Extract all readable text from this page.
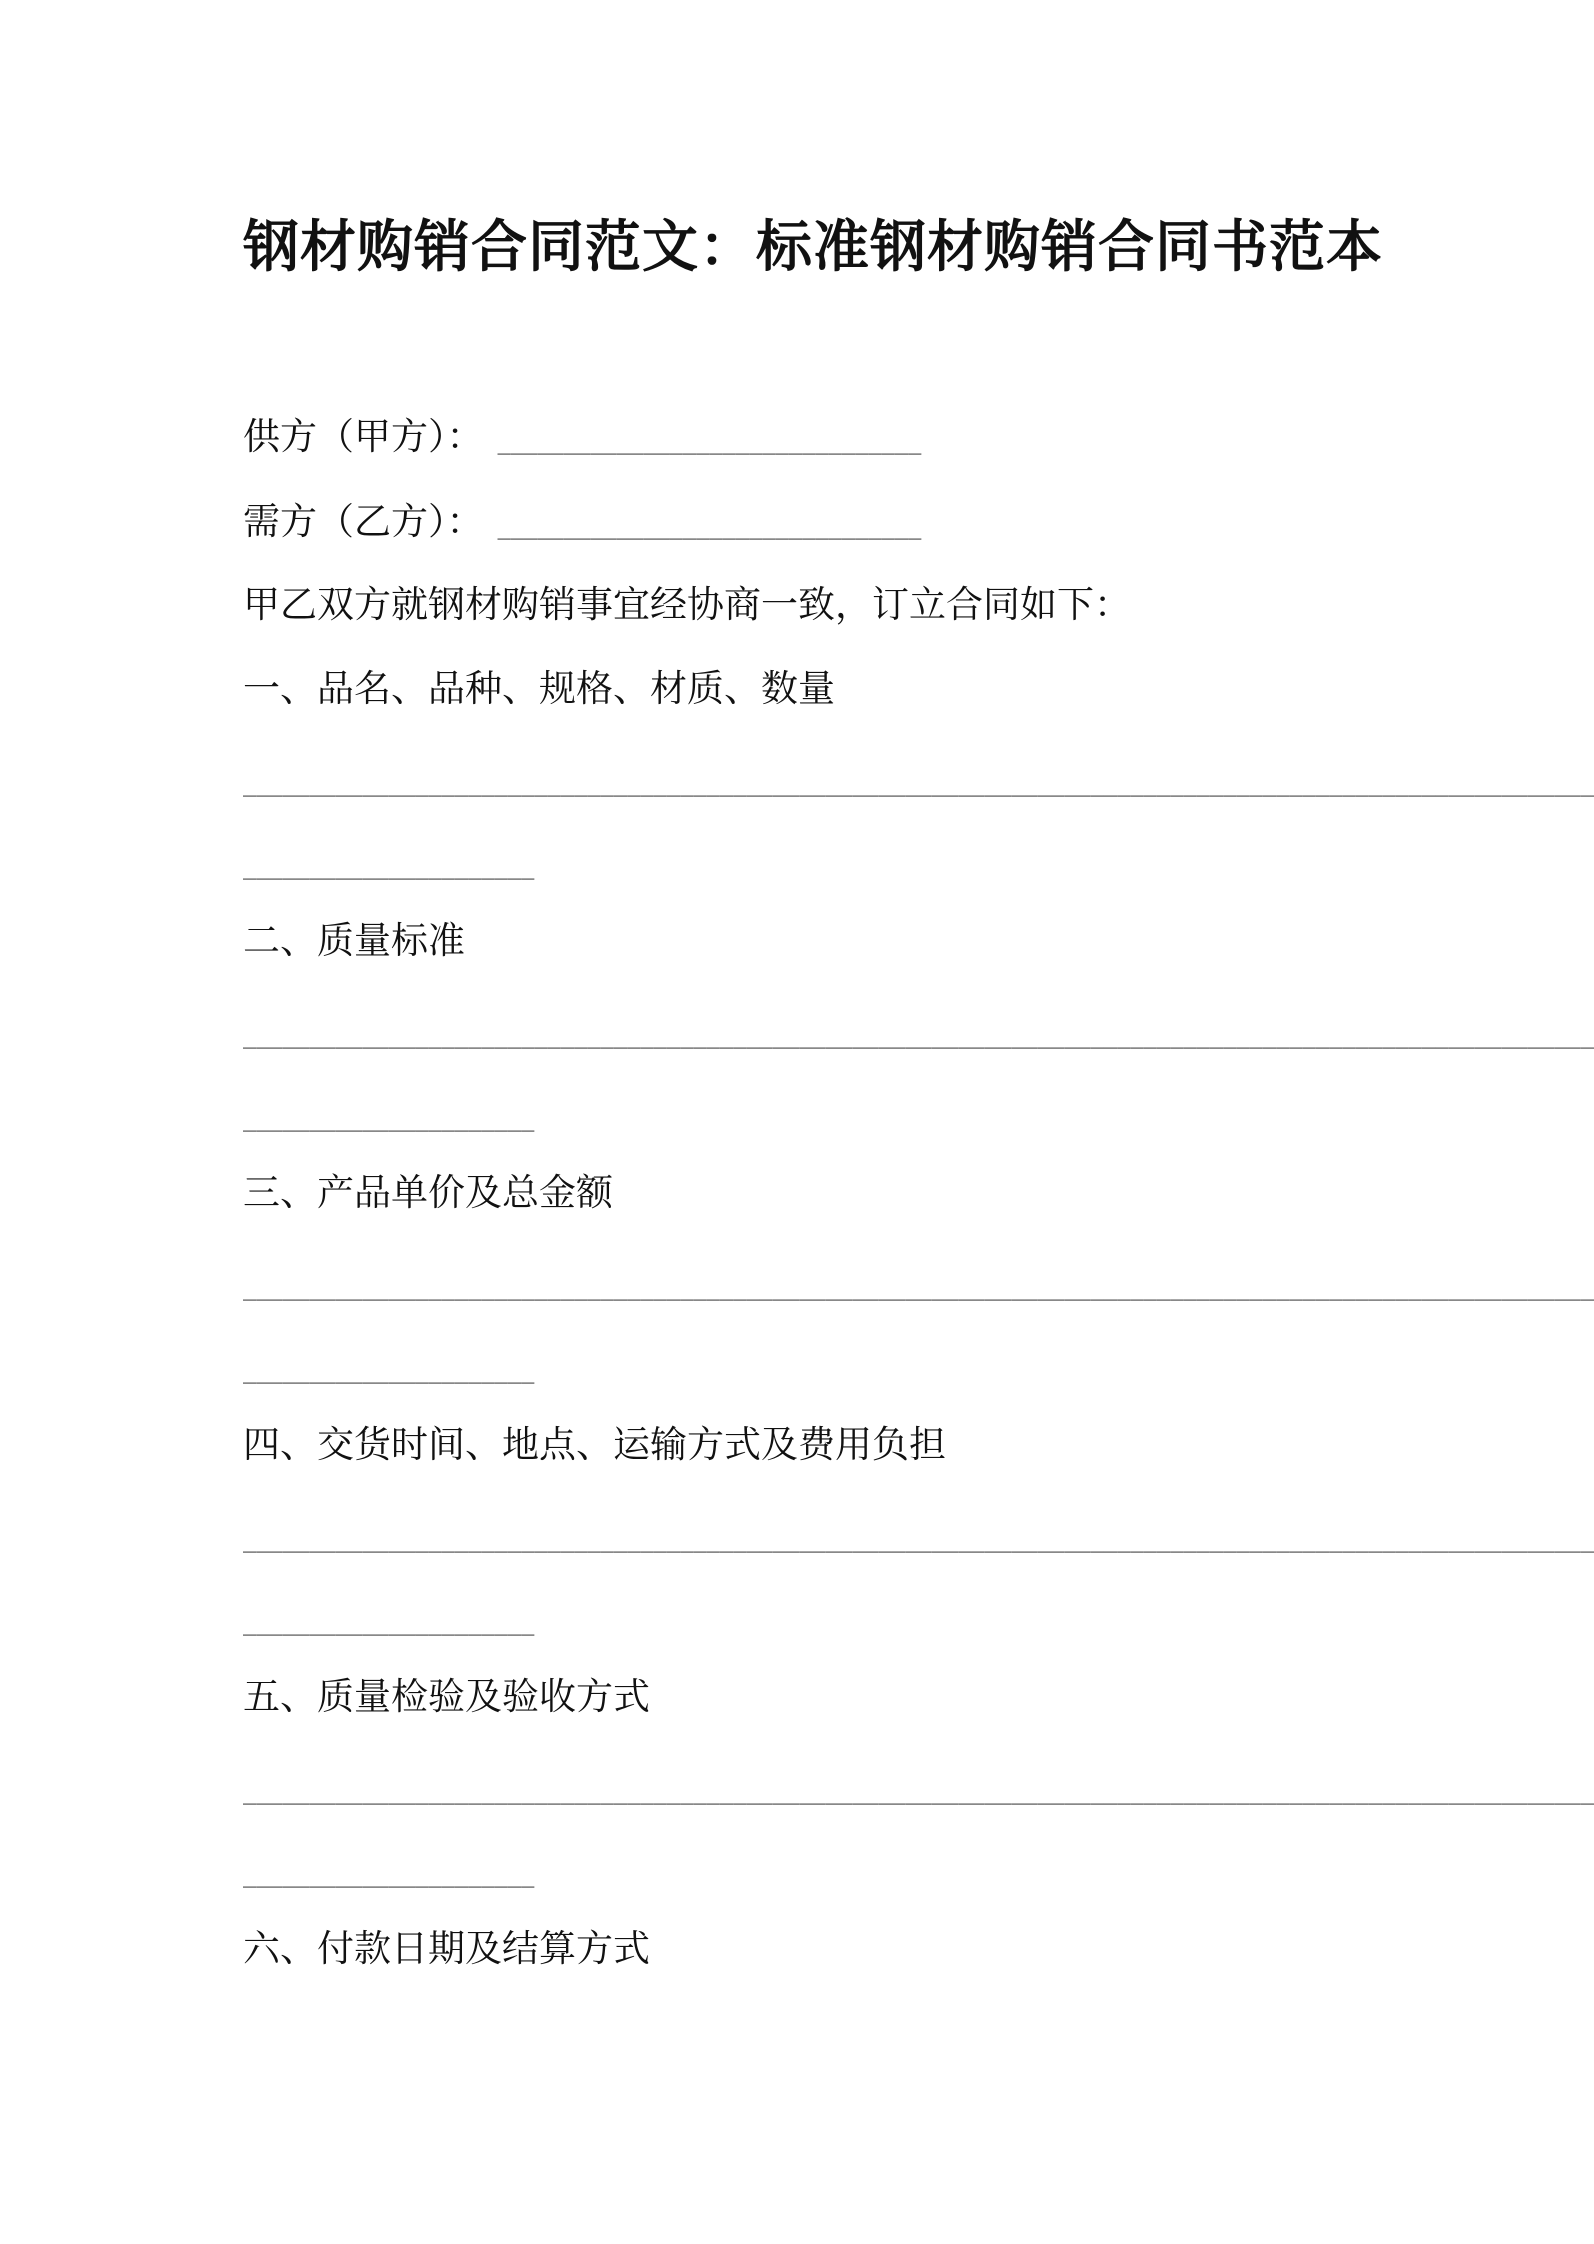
钢材购销合同范文：标准钢材购销合同书范本
供方（甲方）： ________________________________
需方（乙方）： ________________________________
甲乙双方就钢材购销事宜经协商一致，订立合同如下：
一、品名、品种、规格、材质、数量
______________________________________________________________________________________________________
______________________
二、质量标准
______________________________________________________________________________________________________
______________________
三、产品单价及总金额
______________________________________________________________________________________________________
______________________
四、交货时间、地点、运输方式及费用负担
______________________________________________________________________________________________________
______________________
五、质量检验及验收方式
______________________________________________________________________________________________________
______________________
六、付款日期及结算方式
